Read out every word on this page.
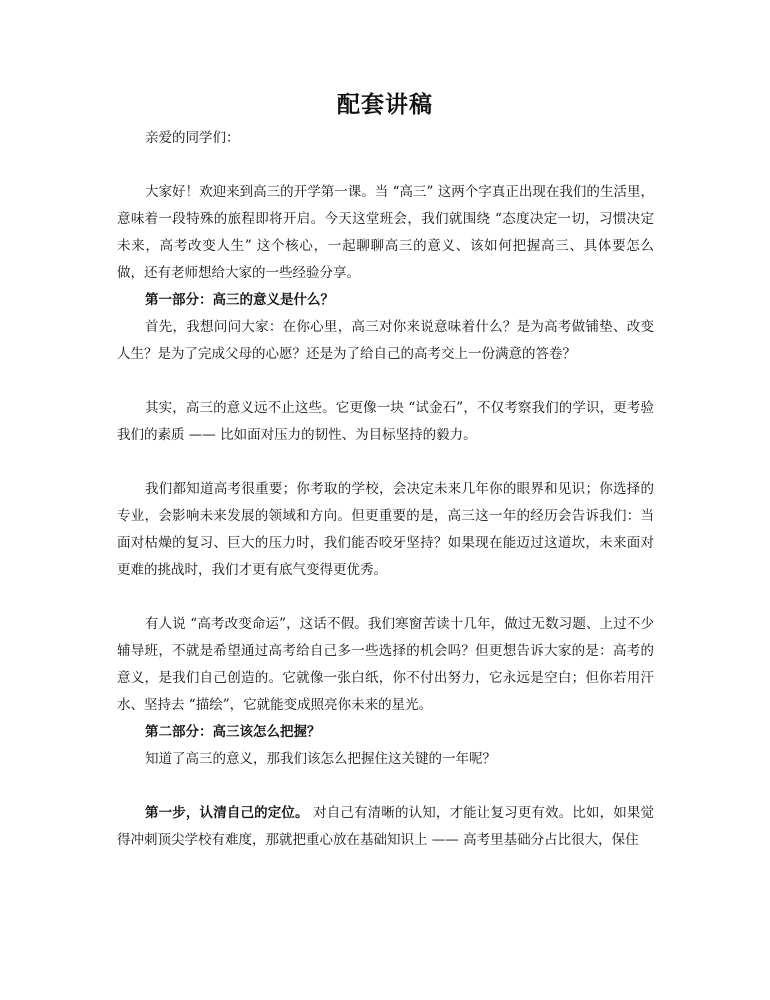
配套讲稿

亲爱的同学们：

大家好！欢迎来到高三的开学第一课。当 “高三” 这两个字真正出现在我们的生活里，意味着一段特殊的旅程即将开启。今天这堂班会，我们就围绕 “态度决定一切，习惯决定未来，高考改变人生” 这个核心，一起聊聊高三的意义、该如何把握高三、具体要怎么做，还有老师想给大家的一些经验分享。

第一部分：高三的意义是什么？

首先，我想问问大家：在你心里，高三对你来说意味着什么？是为高考做铺垫、改变人生？是为了完成父母的心愿？还是为了给自己的高考交上一份满意的答卷？

其实，高三的意义远不止这些。它更像一块 “试金石”，不仅考察我们的学识，更考验我们的素质 —— 比如面对压力的韧性、为目标坚持的毅力。

我们都知道高考很重要；你考取的学校，会决定未来几年你的眼界和见识；你选择的专业，会影响未来发展的领域和方向。但更重要的是，高三这一年的经历会告诉我们：当面对枯燥的复习、巨大的压力时，我们能否咬牙坚持？如果现在能迈过这道坎，未来面对更难的挑战时，我们才更有底气变得更优秀。

有人说 “高考改变命运”，这话不假。我们寒窗苦读十几年，做过无数习题、上过不少辅导班，不就是希望通过高考给自己多一些选择的机会吗？但更想告诉大家的是：高考的意义，是我们自己创造的。它就像一张白纸，你不付出努力，它永远是空白；但你若用汗水、坚持去 “描绘”，它就能变成照亮你未来的星光。

第二部分：高三该怎么把握？

知道了高三的意义，那我们该怎么把握住这关键的一年呢？

第一步，认清自己的定位。 对自己有清晰的认知，才能让复习更有效。比如，如果觉得冲刺顶尖学校有难度，那就把重心放在基础知识上 —— 高考里基础分占比很大，保住
